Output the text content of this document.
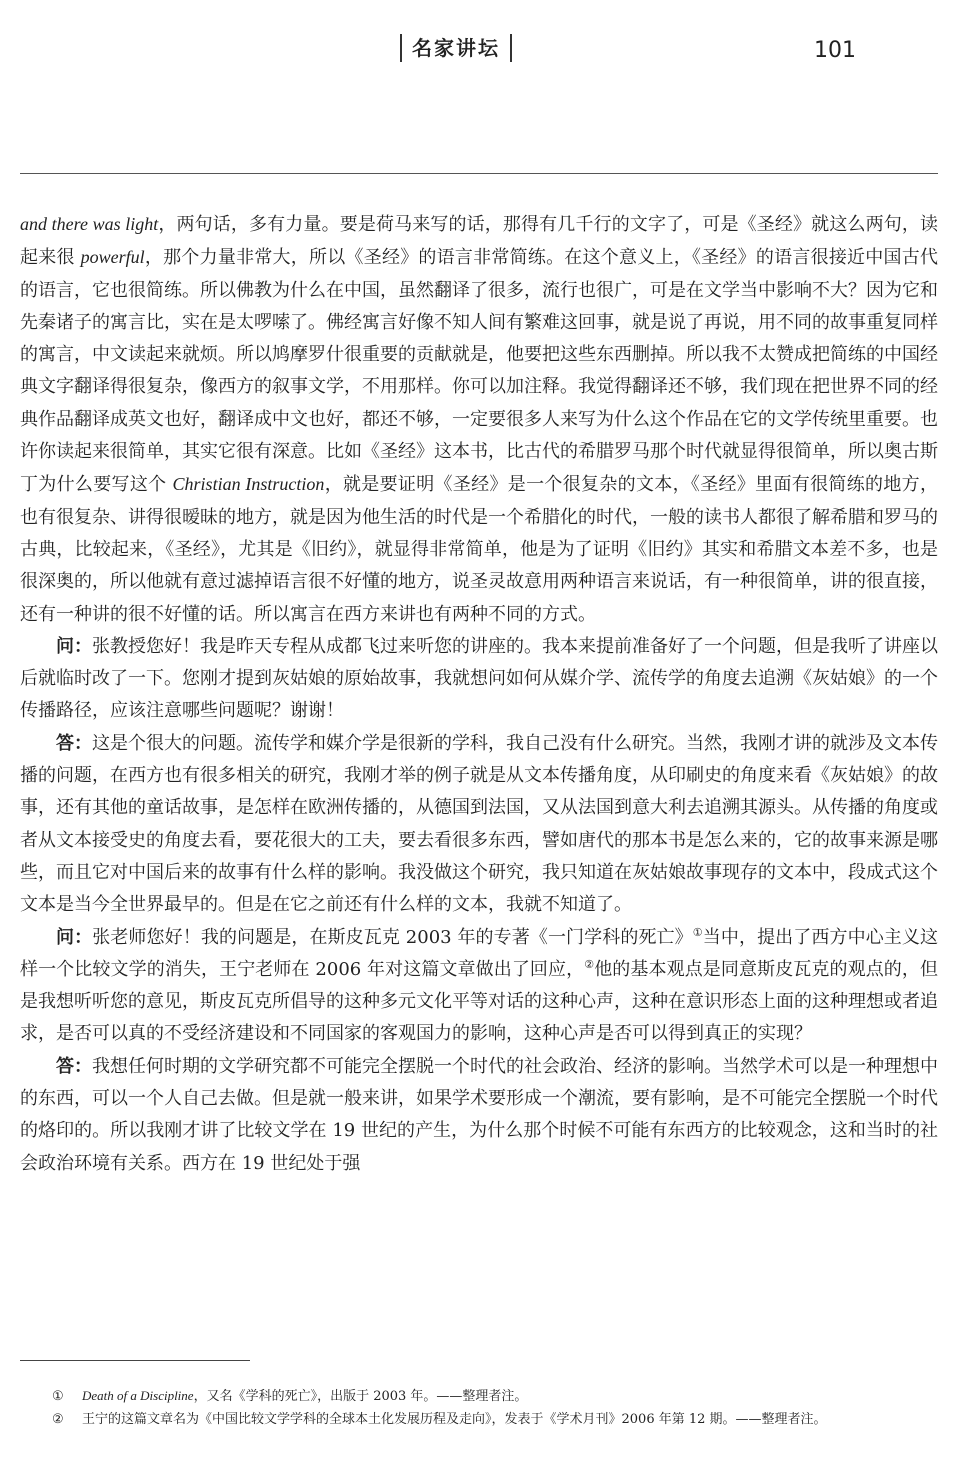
名家讲坛	101

and there was light，两句话，多有力量。要是荷马来写的话，那得有几千行的文字了，可是《圣经》就这么两句，读起来很 powerful，那个力量非常大，所以《圣经》的语言非常简练。在这个意义上，《圣经》的语言很接近中国古代的语言，它也很简练。所以佛教为什么在中国，虽然翻译了很多，流行也很广，可是在文学当中影响不大？因为它和先秦诸子的寓言比，实在是太啰嗦了。佛经寓言好像不知人间有繁难这回事，就是说了再说，用不同的故事重复同样的寓言，中文读起来就烦。所以鸠摩罗什很重要的贡献就是，他要把这些东西删掉。所以我不太赞成把简练的中国经典文字翻译得很复杂，像西方的叙事文学，不用那样。你可以加注释。我觉得翻译还不够，我们现在把世界不同的经典作品翻译成英文也好，翻译成中文也好，都还不够，一定要很多人来写为什么这个作品在它的文学传统里重要。也许你读起来很简单，其实它很有深意。比如《圣经》这本书，比古代的希腊罗马那个时代就显得很简单，所以奥古斯丁为什么要写这个 Christian Instruction，就是要证明《圣经》是一个很复杂的文本，《圣经》里面有很简练的地方，也有很复杂、讲得很暧昧的地方，就是因为他生活的时代是一个希腊化的时代，一般的读书人都很了解希腊和罗马的古典，比较起来，《圣经》，尤其是《旧约》，就显得非常简单，他是为了证明《旧约》其实和希腊文本差不多，也是很深奥的，所以他就有意过滤掉语言很不好懂的地方，说圣灵故意用两种语言来说话，有一种很简单，讲的很直接，还有一种讲的很不好懂的话。所以寓言在西方来讲也有两种不同的方式。

问：张教授您好！我是昨天专程从成都飞过来听您的讲座的。我本来提前准备好了一个问题，但是我听了讲座以后就临时改了一下。您刚才提到灰姑娘的原始故事，我就想问如何从媒介学、流传学的角度去追溯《灰姑娘》的一个传播路径，应该注意哪些问题呢？谢谢！

答：这是个很大的问题。流传学和媒介学是很新的学科，我自己没有什么研究。当然，我刚才讲的就涉及文本传播的问题，在西方也有很多相关的研究，我刚才举的例子就是从文本传播角度，从印刷史的角度来看《灰姑娘》的故事，还有其他的童话故事，是怎样在欧洲传播的，从德国到法国，又从法国到意大利去追溯其源头。从传播的角度或者从文本接受史的角度去看，要花很大的工夫，要去看很多东西，譬如唐代的那本书是怎么来的，它的故事来源是哪些，而且它对中国后来的故事有什么样的影响。我没做这个研究，我只知道在灰姑娘故事现存的文本中，段成式这个文本是当今全世界最早的。但是在它之前还有什么样的文本，我就不知道了。

问：张老师您好！我的问题是，在斯皮瓦克 2003 年的专著《一门学科的死亡》①当中，提出了西方中心主义这样一个比较文学的消失，王宁老师在 2006 年对这篇文章做出了回应，②他的基本观点是同意斯皮瓦克的观点的，但是我想听听您的意见，斯皮瓦克所倡导的这种多元文化平等对话的这种心声，这种在意识形态上面的这种理想或者追求，是否可以真的不受经济建设和不同国家的客观国力的影响，这种心声是否可以得到真正的实现？

答：我想任何时期的文学研究都不可能完全摆脱一个时代的社会政治、经济的影响。当然学术可以是一种理想中的东西，可以一个人自己去做。但是就一般来讲，如果学术要形成一个潮流，要有影响，是不可能完全摆脱一个时代的烙印的。所以我刚才讲了比较文学在 19 世纪的产生，为什么那个时候不可能有东西方的比较观念，这和当时的社会政治环境有关系。西方在 19 世纪处于强

① Death of a Discipline，又名《学科的死亡》，出版于 2003 年。——整理者注。

② 王宁的这篇文章名为《中国比较文学学科的全球本土化发展历程及走向》，发表于《学术月刊》2006 年第 12 期。——整理者注。
